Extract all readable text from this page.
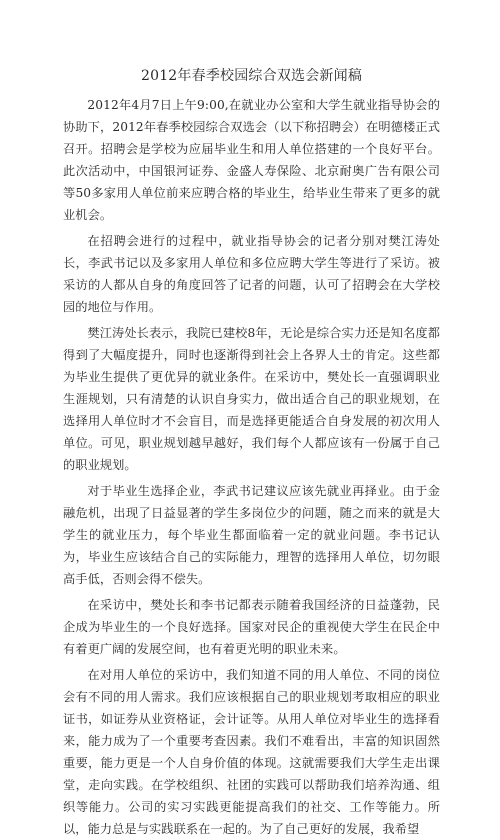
2012年春季校园综合双选会新闻稿

2012年4月7日上午9:00,在就业办公室和大学生就业指导协会的协助下，2012年春季校园综合双选会（以下称招聘会）在明德楼正式召开。招聘会是学校为应届毕业生和用人单位搭建的一个良好平台。此次活动中，中国银河证券、金盛人寿保险、北京耐奥广告有限公司等50多家用人单位前来应聘合格的毕业生，给毕业生带来了更多的就业机会。

在招聘会进行的过程中，就业指导协会的记者分别对樊江涛处长，李武书记以及多家用人单位和多位应聘大学生等进行了采访。被采访的人都从自身的角度回答了记者的问题，认可了招聘会在大学校园的地位与作用。

樊江涛处长表示，我院已建校8年，无论是综合实力还是知名度都得到了大幅度提升，同时也逐渐得到社会上各界人士的肯定。这些都为毕业生提供了更优异的就业条件。在采访中，樊处长一直强调职业生涯规划，只有清楚的认识自身实力，做出适合自己的职业规划，在选择用人单位时才不会盲目，而是选择更能适合自身发展的初次用人单位。可见，职业规划越早越好，我们每个人都应该有一份属于自己的职业规划。

对于毕业生选择企业，李武书记建议应该先就业再择业。由于金融危机，出现了日益显著的学生多岗位少的问题，随之而来的就是大学生的就业压力，每个毕业生都面临着一定的就业问题。李书记认为，毕业生应该结合自己的实际能力，理智的选择用人单位，切勿眼高手低，否则会得不偿失。

在采访中，樊处长和李书记都表示随着我国经济的日益蓬勃，民企成为毕业生的一个良好选择。国家对民企的重视使大学生在民企中有着更广阔的发展空间，也有着更光明的职业未来。

在对用人单位的采访中，我们知道不同的用人单位、不同的岗位会有不同的用人需求。我们应该根据自己的职业规划考取相应的职业证书，如证券从业资格证，会计证等。从用人单位对毕业生的选择看来，能力成为了一个重要考查因素。我们不难看出，丰富的知识固然重要，能力更是一个人自身价值的体现。这就需要我们大学生走出课堂，走向实践。在学校组织、社团的实践可以帮助我们培养沟通、组织等能力。公司的实习实践更能提高我们的社交、工作等能力。所以，能力总是与实践联系在一起的。为了自己更好的发展，我希望
